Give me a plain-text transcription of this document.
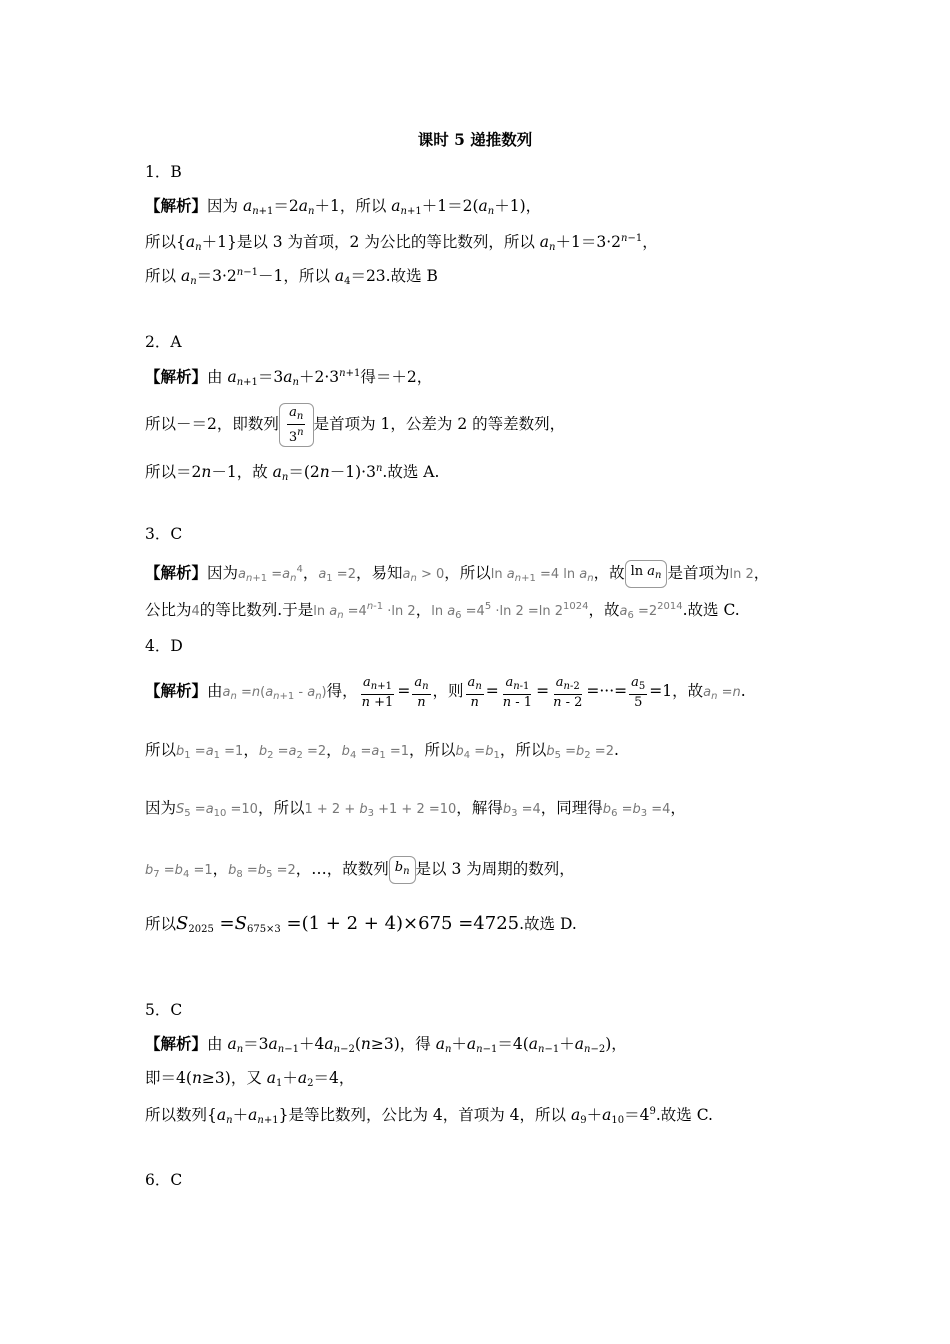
课时 5 递推数列
1．B
【解析】因为 $a_{n+1}=2a_n+1$，所以 $a_{n+1}+1=2(a_n+1)$，
所以$\{a_n+1\}$是以 3 为首项，2 为公比的等比数列，所以 $a_n+1=3\cdot 2^{n-1}$，
所以 $a_n=3\cdot 2^{n-1}-1$，所以 $a_4=23$.故选 B
2．A
【解析】由 $a_{n+1}=3a_n+2\cdot 3^{n+1}$得＝＋2，
所以－＝2，即数列 $\frac{a_n}{3^n}$ 是首项为 1，公差为 2 的等差数列，
所以＝2n－1，故 $a_n=(2n-1)\cdot 3^n$.故选 A.
3．C
【解析】因为$a_{n+1} =a_n^4$，$a_1 =2$，易知$a_n > 0$，所以$\ln a_{n+1} =4$ $\ln a_n$，故 $\ln a_n$ 是首项为ln 2，
公比为4的等比数列.于是$\ln a_n =4^{n-1} \cdot\ln$ 2，$\ln a_6 =4^5 \cdot\ln$ 2 =ln $2^{1024}$，故$a_6 =2^{2014}$.故选 C.
4．D
【解析】由$a_n =n(a_{n+1} - a_n)$得， $\frac{a_{n+1}}{n +1} = \frac{a_n}{n}$ ，则 $\frac{a_n}{n} = \frac{a_{n-1}}{n - 1} = \frac{a_{n-2}}{n - 2}$ =···= $\frac{a_5}{5} =1$，故$a_n =n$.
所以$b_1 =a_1 =1$，$b_2 =a_2 =2$，$b_4 =a_1 =1$，所以$b_4 =b_1$，所以$b_5 =b_2 =2$.
因为$S_5 =a_{10} =10$，所以$1 + 2 + b_3 +1 + 2 =10$，解得$b_3 =4$，同理得$b_6 =b_3 =4$，
$b_7 =b_4 =1$，$b_8 =b_5 =2$，…，故数列 $b_n$ 是以 3 为周期的数列，
所以$S_{2025} =S_{675\times 3} =(1 + 2 + 4)\times 675 =4725$.故选 D.
5．C
【解析】由 $a_n=3a_{n-1}+4a_{n-2}(n\ge 3)$，得 $a_n+a_{n-1}=4(a_{n-1}+a_{n-2})$，
即＝4(n≥3)，又 $a_1+a_2=4$，
所以数列$\{a_n+a_{n+1}\}$是等比数列，公比为 4，首项为 4，所以 $a_9+a_{10}=4^9$.故选 C.
6．C
